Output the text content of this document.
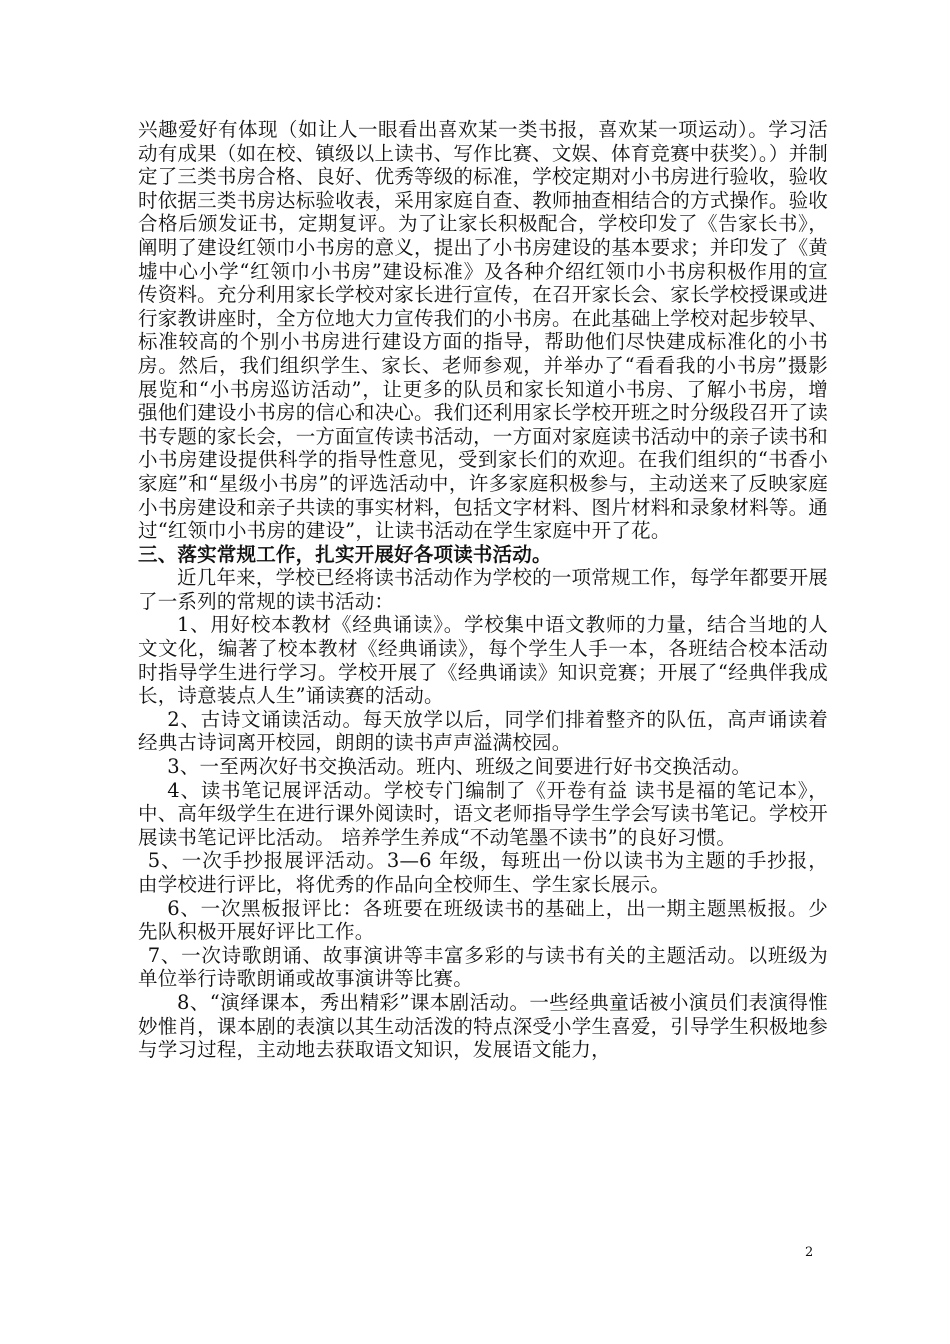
兴趣爱好有体现（如让人一眼看出喜欢某一类书报，喜欢某一项运动）。学习活动有成果（如在校、镇级以上读书、写作比赛、文娱、体育竞赛中获奖）。）并制定了三类书房合格、良好、优秀等级的标准，学校定期对小书房进行验收，验收时依据三类书房达标验收表，采用家庭自查、教师抽查相结合的方式操作。验收合格后颁发证书，定期复评。为了让家长积极配合，学校印发了《告家长书》，阐明了建设红领巾小书房的意义，提出了小书房建设的基本要求；并印发了《黄墟中心小学“红领巾小书房”建设标准》及各种介绍红领巾小书房积极作用的宣传资料。充分利用家长学校对家长进行宣传，在召开家长会、家长学校授课或进行家教讲座时，全方位地大力宣传我们的小书房。在此基础上学校对起步较早、标准较高的个别小书房进行建设方面的指导，帮助他们尽快建成标准化的小书房。然后，我们组织学生、家长、老师参观，并举办了“看看我的小书房”摄影展览和“小书房巡访活动”，让更多的队员和家长知道小书房、了解小书房，增强他们建设小书房的信心和决心。我们还利用家长学校开班之时分级段召开了读书专题的家长会，一方面宣传读书活动，一方面对家庭读书活动中的亲子读书和小书房建设提供科学的指导性意见，受到家长们的欢迎。在我们组织的“书香小家庭”和“星级小书房”的评选活动中，许多家庭积极参与，主动送来了反映家庭小书房建设和亲子共读的事实材料，包括文字材料、图片材料和录象材料等。通过“红领巾小书房的建设”，让读书活动在学生家庭中开了花。

三、落实常规工作，扎实开展好各项读书活动。

近几年来，学校已经将读书活动作为学校的一项常规工作，每学年都要开展了一系列的常规的读书活动：

1、用好校本教材《经典诵读》。学校集中语文教师的力量，结合当地的人文文化，编著了校本教材《经典诵读》，每个学生人手一本，各班结合校本活动时指导学生进行学习。学校开展了《经典诵读》知识竞赛；开展了“经典伴我成长，诗意装点人生”诵读赛的活动。

2、古诗文诵读活动。每天放学以后，同学们排着整齐的队伍，高声诵读着经典古诗词离开校园，朗朗的读书声声溢满校园。

3、一至两次好书交换活动。班内、班级之间要进行好书交换活动。

4、读书笔记展评活动。学校专门编制了《开卷有益 读书是福的笔记本》，中、高年级学生在进行课外阅读时，语文老师指导学生学会写读书笔记。学校开展读书笔记评比活动。 培养学生养成“不动笔墨不读书”的良好习惯。

5、一次手抄报展评活动。3—6 年级，每班出一份以读书为主题的手抄报， 由学校进行评比，将优秀的作品向全校师生、学生家长展示。

6、一次黑板报评比：各班要在班级读书的基础上，出一期主题黑板报。少先队积极开展好评比工作。

7、一次诗歌朗诵、故事演讲等丰富多彩的与读书有关的主题活动。以班级为单位举行诗歌朗诵或故事演讲等比赛。

8、“演绎课本，秀出精彩”课本剧活动。一些经典童话被小演员们表演得惟妙惟肖，课本剧的表演以其生动活泼的特点深受小学生喜爱，引导学生积极地参与学习过程，主动地去获取语文知识，发展语文能力，

2
